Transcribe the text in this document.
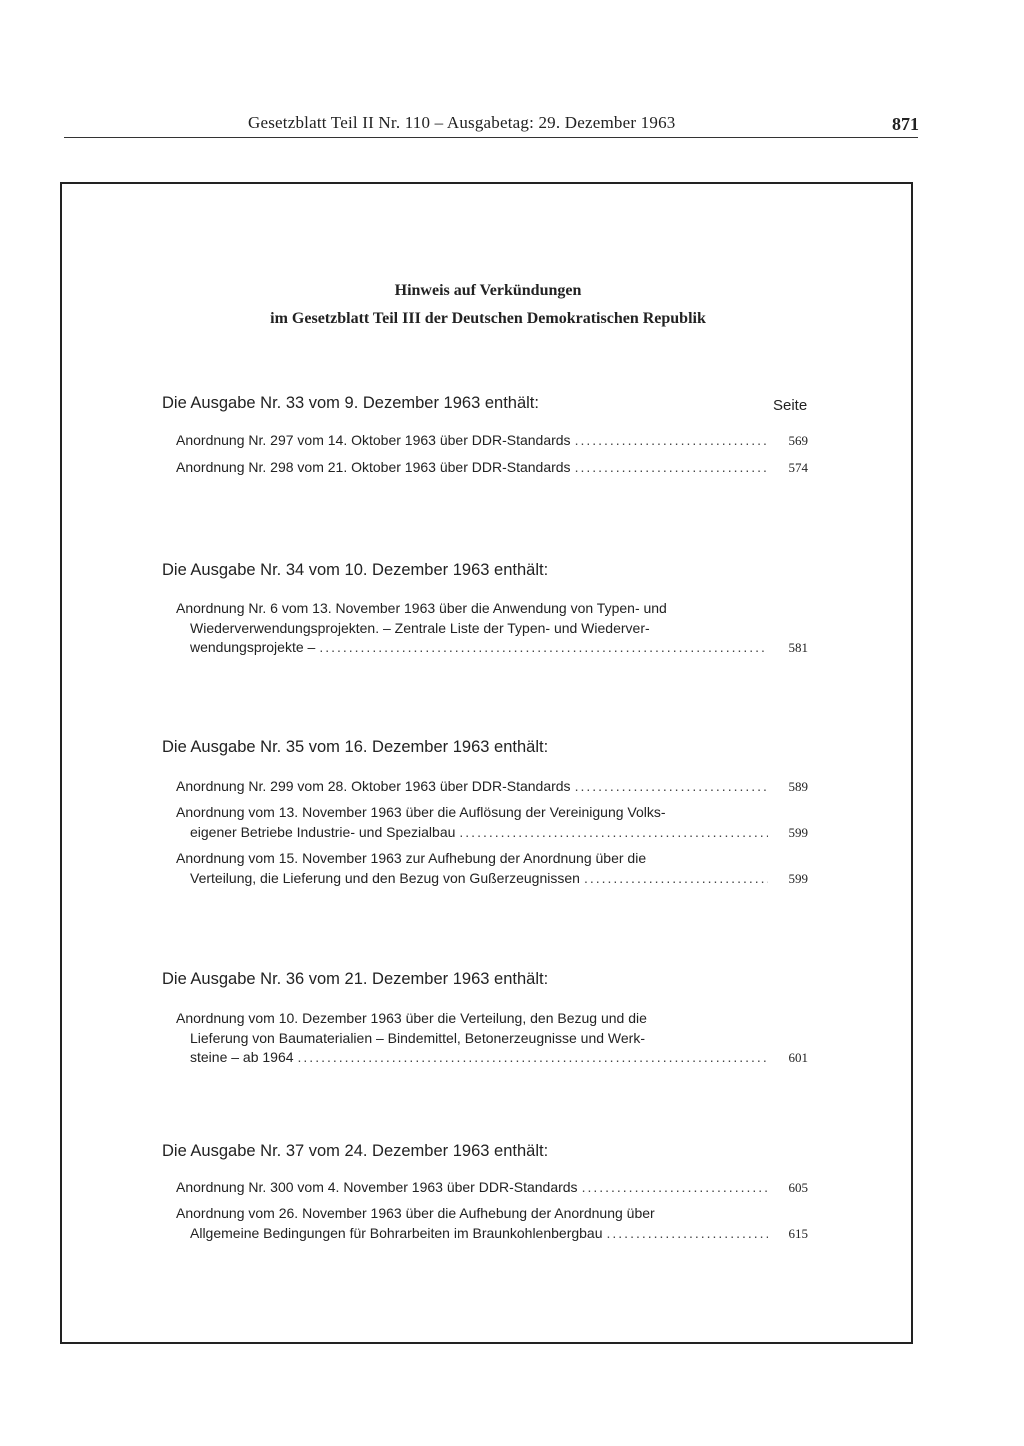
Gesetzblatt Teil II Nr. 110 – Ausgabetag: 29. Dezember 1963	871
Hinweis auf Verkündungen
im Gesetzblatt Teil III der Deutschen Demokratischen Republik
Seite
Die Ausgabe Nr. 33 vom 9. Dezember 1963 enthält:
Anordnung Nr. 297 vom 14. Oktober 1963 über DDR-Standards .....	569
Anordnung Nr. 298 vom 21. Oktober 1963 über DDR-Standards .....	574
Die Ausgabe Nr. 34 vom 10. Dezember 1963 enthält:
Anordnung Nr. 6 vom 13. November 1963 über die Anwendung von Typen- und
Wiederverwendungsprojekten. – Zentrale Liste der Typen- und Wiederver-
wendungsprojekte – .....	581
Die Ausgabe Nr. 35 vom 16. Dezember 1963 enthält:
Anordnung Nr. 299 vom 28. Oktober 1963 über DDR-Standards .....	589
Anordnung vom 13. November 1963 über die Auflösung der Vereinigung Volks-
eigener Betriebe Industrie- und Spezialbau .....	599
Anordnung vom 15. November 1963 zur Aufhebung der Anordnung über die
Verteilung, die Lieferung und den Bezug von Gußerzeugnissen .....	599
Die Ausgabe Nr. 36 vom 21. Dezember 1963 enthält:
Anordnung vom 10. Dezember 1963 über die Verteilung, den Bezug und die
Lieferung von Baumaterialien – Bindemittel, Betonerzeugnisse und Werk-
steine – ab 1964 .....	601
Die Ausgabe Nr. 37 vom 24. Dezember 1963 enthält:
Anordnung Nr. 300 vom 4. November 1963 über DDR-Standards .....	605
Anordnung vom 26. November 1963 über die Aufhebung der Anordnung über
Allgemeine Bedingungen für Bohrarbeiten im Braunkohlenbergbau .....	615
